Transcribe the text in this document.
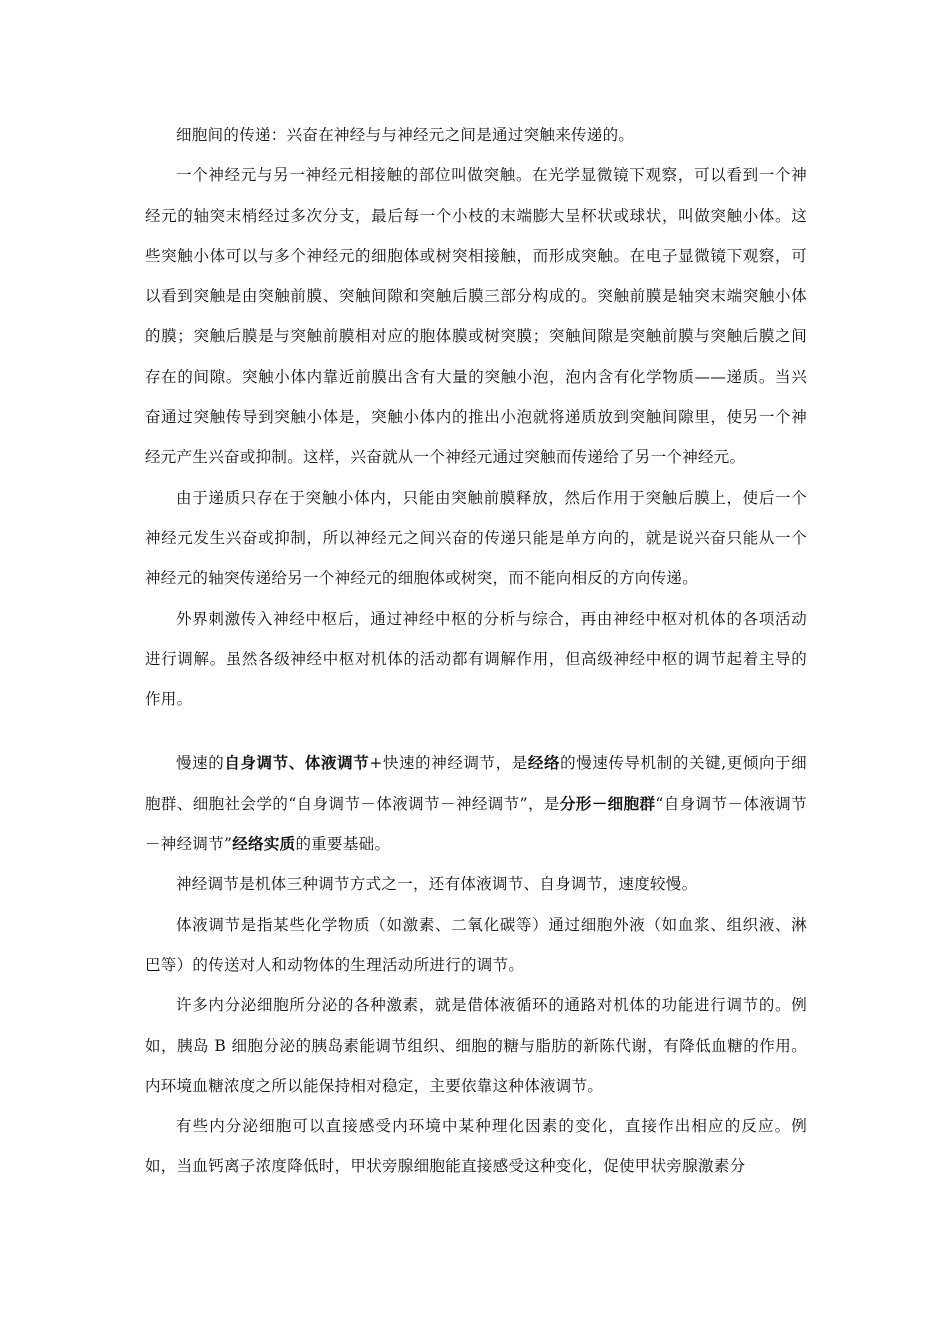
细胞间的传递：兴奋在神经与与神经元之间是通过突触来传递的。

一个神经元与另一神经元相接触的部位叫做突触。在光学显微镜下观察，可以看到一个神经元的轴突末梢经过多次分支，最后每一个小枝的末端膨大呈杯状或球状，叫做突触小体。这些突触小体可以与多个神经元的细胞体或树突相接触，而形成突触。在电子显微镜下观察，可以看到突触是由突触前膜、突触间隙和突触后膜三部分构成的。突触前膜是轴突末端突触小体的膜；突触后膜是与突触前膜相对应的胞体膜或树突膜；突触间隙是突触前膜与突触后膜之间存在的间隙。突触小体内靠近前膜出含有大量的突触小泡，泡内含有化学物质——递质。当兴奋通过突触传导到突触小体是，突触小体内的推出小泡就将递质放到突触间隙里，使另一个神经元产生兴奋或抑制。这样，兴奋就从一个神经元通过突触而传递给了另一个神经元。

由于递质只存在于突触小体内，只能由突触前膜释放，然后作用于突触后膜上，使后一个神经元发生兴奋或抑制，所以神经元之间兴奋的传递只能是单方向的，就是说兴奋只能从一个神经元的轴突传递给另一个神经元的细胞体或树突，而不能向相反的方向传递。

外界刺激传入神经中枢后，通过神经中枢的分析与综合，再由神经中枢对机体的各项活动进行调解。虽然各级神经中枢对机体的活动都有调解作用，但高级神经中枢的调节起着主导的作用。

慢速的自身调节、体液调节+快速的神经调节，是经络的慢速传导机制的关键,更倾向于细胞群、细胞社会学的“自身调节－体液调节－神经调节”，是分形－细胞群“自身调节－体液调节－神经调节”经络实质的重要基础。

神经调节是机体三种调节方式之一，还有体液调节、自身调节，速度较慢。

体液调节是指某些化学物质（如激素、二氧化碳等）通过细胞外液（如血浆、组织液、淋巴等）的传送对人和动物体的生理活动所进行的调节。

许多内分泌细胞所分泌的各种激素，就是借体液循环的通路对机体的功能进行调节的。例如，胰岛 B 细胞分泌的胰岛素能调节组织、细胞的糖与脂肪的新陈代谢，有降低血糖的作用。内环境血糖浓度之所以能保持相对稳定，主要依靠这种体液调节。

有些内分泌细胞可以直接感受内环境中某种理化因素的变化，直接作出相应的反应。例如，当血钙离子浓度降低时，甲状旁腺细胞能直接感受这种变化，促使甲状旁腺激素分
